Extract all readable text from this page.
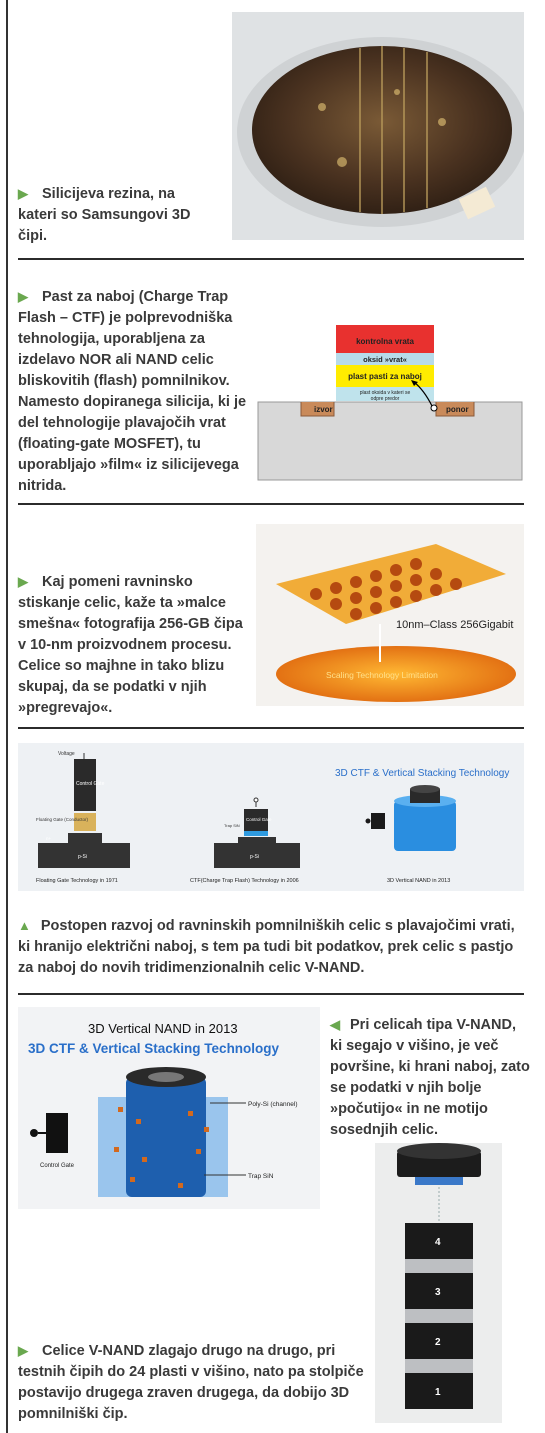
▶ Silicijeva rezina, na kateri so Samsungovi 3D čipi.
▶ Past za naboj (Charge Trap Flash – CTF) je polprevodniška tehnologija, uporabljena za izdelavo NOR ali NAND celic bliskovitih (flash) pomnilnikov. Namesto dopiranega silicija, ki je del tehnologije plavajočih vrat (floating-gate MOSFET), tu uporabljajo »film« iz silicijevega nitrida.
kontrolna vrata
oksid »vrat«
plast pasti za naboj
plast oksida v kateri se
odpre predor
izvor	ponor
▶ Kaj pomeni ravninsko stiskanje celic, kaže ta »malce smešna« fotografija 256-GB čipa v 10-nm proizvodnem procesu. Celice so majhne in tako blizu skupaj, da se podatki v njih »pregrevajo«.
10nm–Class 256Gigabit
Scaling Technology Limitation
3D CTF & Vertical Stacking Technology
Voltage
Control Gate
Floating Gate (Conductor)
p-Si
n+
Floating Gate Technology in 1971
Control Gate
Trap SiN
p-Si
CTF(Charge Trap Flash) Technology in 2006	3D Vertical NAND in 2013
▲ Postopen razvoj od ravninskih pomnilniških celic s plavajočimi vrati, ki hranijo električni naboj, s tem pa tudi bit podatkov, prek celic s pastjo za naboj do novih tridimenzionalnih celic V-NAND.
3D Vertical NAND in 2013
3D CTF & Vertical Stacking Technology
Poly-Si (channel)
Trap SiN
Control Gate
◀ Pri celicah tipa V-NAND, ki segajo v višino, je več površine, ki hrani naboj, zato se podatki v njih bolje »počutijo« in ne motijo sosednjih celic.
4
3
2
1
▶ Celice V-NAND zlagajo drugo na drugo, pri testnih čipih do 24 plasti v višino, nato pa stolpiče postavijo drugega zraven drugega, da dobijo 3D pomnilniški čip.
